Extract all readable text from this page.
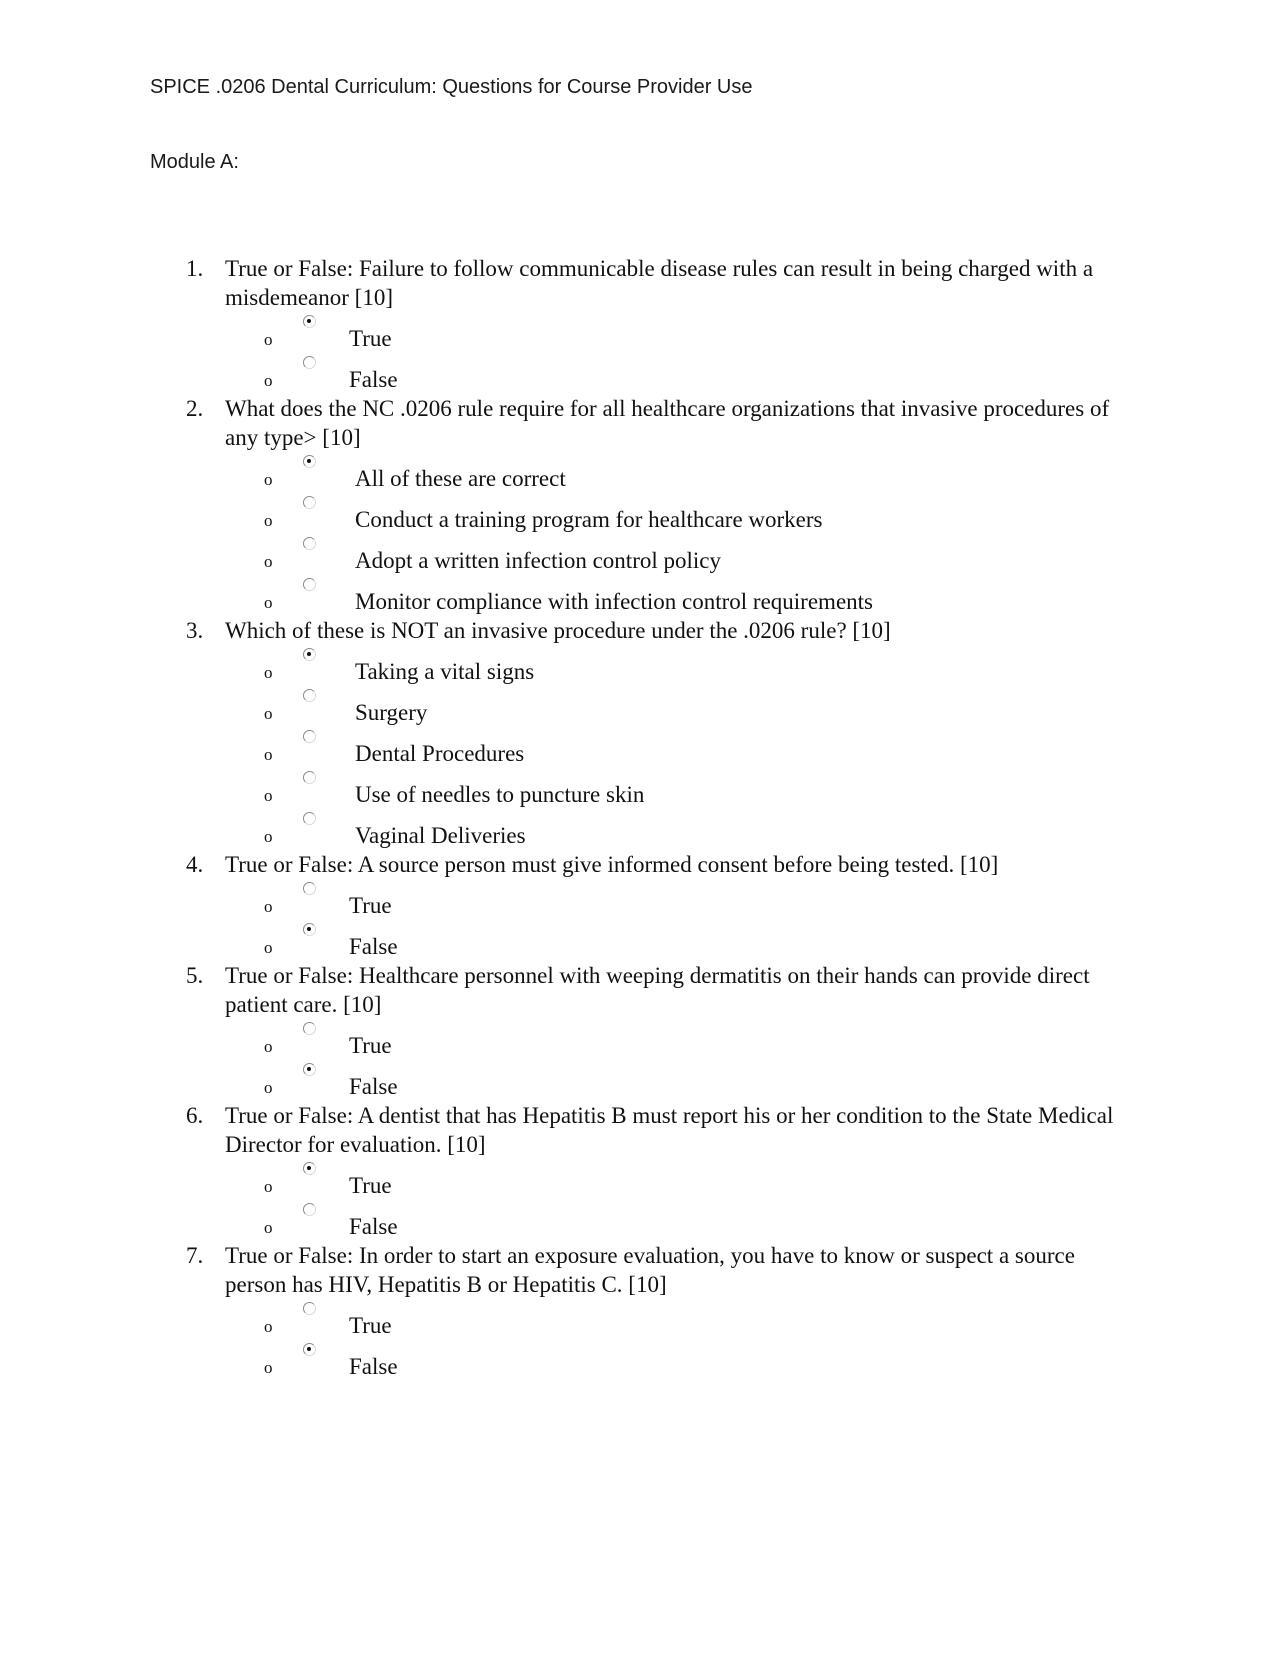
SPICE .0206 Dental Curriculum: Questions for Course Provider Use
Module A:
1. True or False: Failure to follow communicable disease rules can result in being charged with a misdemeanor [10]
o	True
o	False
2. What does the NC .0206 rule require for all healthcare organizations that invasive procedures of any type> [10]
o	All of these are correct
o	Conduct a training program for healthcare workers
o	Adopt a written infection control policy
o	Monitor compliance with infection control requirements
3. Which of these is NOT an invasive procedure under the .0206 rule? [10]
o	Taking a vital signs
o	Surgery
o	Dental Procedures
o	Use of needles to puncture skin
o	Vaginal Deliveries
4. True or False: A source person must give informed consent before being tested. [10]
o	True
o	False
5. True or False: Healthcare personnel with weeping dermatitis on their hands can provide direct patient care. [10]
o	True
o	False
6. True or False: A dentist that has Hepatitis B must report his or her condition to the State Medical Director for evaluation. [10]
o	True
o	False
7. True or False: In order to start an exposure evaluation, you have to know or suspect a source person has HIV, Hepatitis B or Hepatitis C. [10]
o	True
o	False
